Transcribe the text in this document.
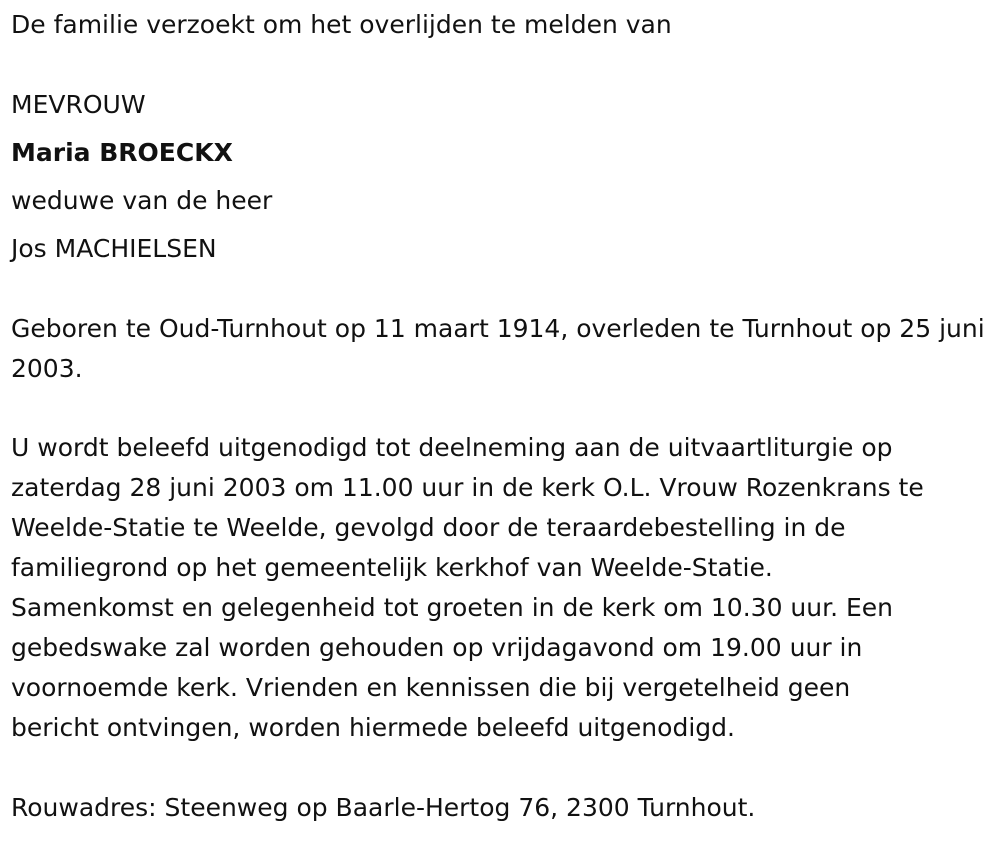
De familie verzoekt om het overlijden te melden van

MEVROUW

Maria BROECKX

weduwe van de heer

Jos MACHIELSEN

Geboren te Oud-Turnhout op 11 maart 1914, overleden te Turnhout op 25 juni 2003.

U wordt beleefd uitgenodigd tot deelneming aan de uitvaartliturgie op
zaterdag 28 juni 2003 om 11.00 uur in de kerk O.L. Vrouw Rozenkrans te
Weelde-Statie te Weelde, gevolgd door de teraardebestelling in de
familiegrond op het gemeentelijk kerkhof van Weelde-Statie.
Samenkomst en gelegenheid tot groeten in de kerk om 10.30 uur. Een
gebedswake zal worden gehouden op vrijdagavond om 19.00 uur in
voornoemde kerk. Vrienden en kennissen die bij vergetelheid geen
bericht ontvingen, worden hiermede beleefd uitgenodigd.

Rouwadres: Steenweg op Baarle-Hertog 76, 2300 Turnhout.
